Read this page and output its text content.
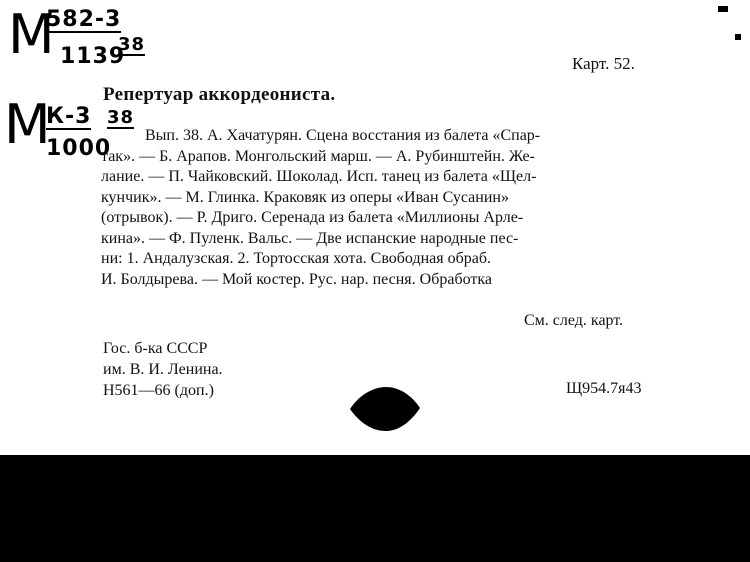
М
582-3
1139
38
М
К-3
1000
38
Карт. 52.
Репертуар аккордеониста.
Вып. 38. А. Хачатурян. Сцена восстания из балета «Спар-
так». — Б. Арапов. Монгольский марш. — А. Рубинштейн. Же-
лание. — П. Чайковский. Шоколад. Исп. танец из балета «Щел-
кунчик». — М. Глинка. Краковяк из оперы «Иван Сусанин»
(отрывок). — Р. Дриго. Серенада из балета «Миллионы Арле-
кина». — Ф. Пуленк. Вальс. — Две испанские народные пес-
ни: 1. Андалузская. 2. Тортосская хота. Свободная обраб.
И. Болдырева. — Мой костер. Рус. нар. песня. Обработка
См. след. карт.
Гос. б-ка СССР
им. В. И. Ленина.
Н561—66 (доп.)	Щ954.7я43
